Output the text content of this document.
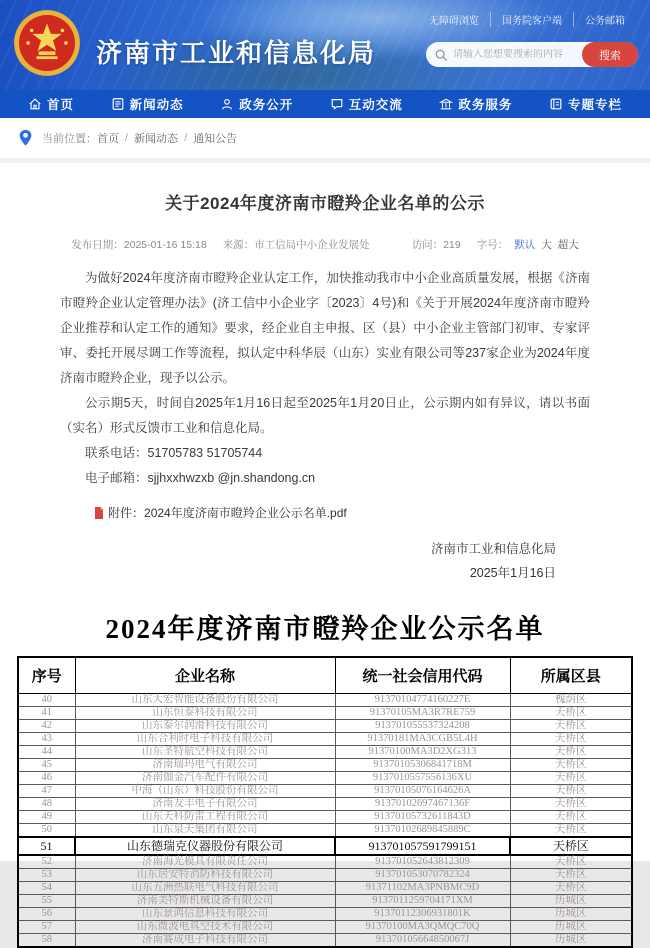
无障碍浏览	国务院客户端	公务邮箱
济南市工业和信息化局
请输入您想要搜索的内容	搜索
首页	新闻动态	政务公开	互动交流	政务服务	专题专栏
当前位置： 首页 / 新闻动态 / 通知公告
关于2024年度济南市瞪羚企业名单的公示
发布日期：2025-01-16 15:18 来源：市工信局中小企业发展处	访问：219 字号： 默认 大 超大

为做好2024年度济南市瞪羚企业认定工作，加快推动我市中小企业高质量发展，根据《济南市瞪羚企业认定管理办法》(济工信中小企业字〔2023〕4号)和《关于开展2024年度济南市瞪羚企业推荐和认定工作的通知》要求，经企业自主申报、区（县）中小企业主管部门初审、专家评审、委托开展尽调工作等流程，拟认定中科华辰（山东）实业有限公司等237家企业为2024年度济南市瞪羚企业，现予以公示。

公示期5天，时间自2025年1月16日起至2025年1月20日止，公示期内如有异议，请以书面（实名）形式反馈市工业和信息化局。

联系电话：51705783 51705744

电子邮箱：sjjhxxhwzxb @jn.shandong.cn

附件： 2024年度济南市瞪羚企业公示名单.pdf
济南市工业和信息化局
2025年1月16日
2024年度济南市瞪羚企业公示名单
序号	企业名称	统一社会信用代码	所属区县
40	山东大宏智能设备股份有限公司	91370104774160227E	槐荫区
41	山东恒泰科技有限公司	91370105MA3R7RE759	天桥区
42	山东泰尔润滑科技有限公司	913701055537324208	天桥区
43	山东合利时电子科技有限公司	91370181MA3CGB5L4H	天桥区
44	山东圣特航空科技有限公司	91370100MA3D2XG313	天桥区
45	济南瑞玛电气有限公司	91370105306841718M	天桥区
46	济南伽金汽车配件有限公司	9137010557556136XU	天桥区
47	中海（山东）科技股份有限公司	91370105076164626A	天桥区
48	济南友丰电子有限公司	91370102697467136F	天桥区
49	山东天科防雷工程有限公司	91370105732611843D	天桥区
50	山东泉天集团有限公司	91370102689845889C	天桥区
51	山东德瑞克仪器股份有限公司	913701057591799151	天桥区
52	济南海光模具有限责任公司	913701052643812309	天桥区
53	山东居安特消防科技有限公司	913701053070782324	天桥区
54	山东五洲热联电气科技有限公司	91371102MA3PNBMC9D	天桥区
55	济南美特斯机械设备有限公司	9137011259704171XM	历城区
56	山东景鸿信息科技有限公司	91370112306931801K	历城区
57	山东微波电真空技术有限公司	91370100MA3QMQC70Q	历城区
58	济南赛成电子科技有限公司	91370105664850067J	历城区
